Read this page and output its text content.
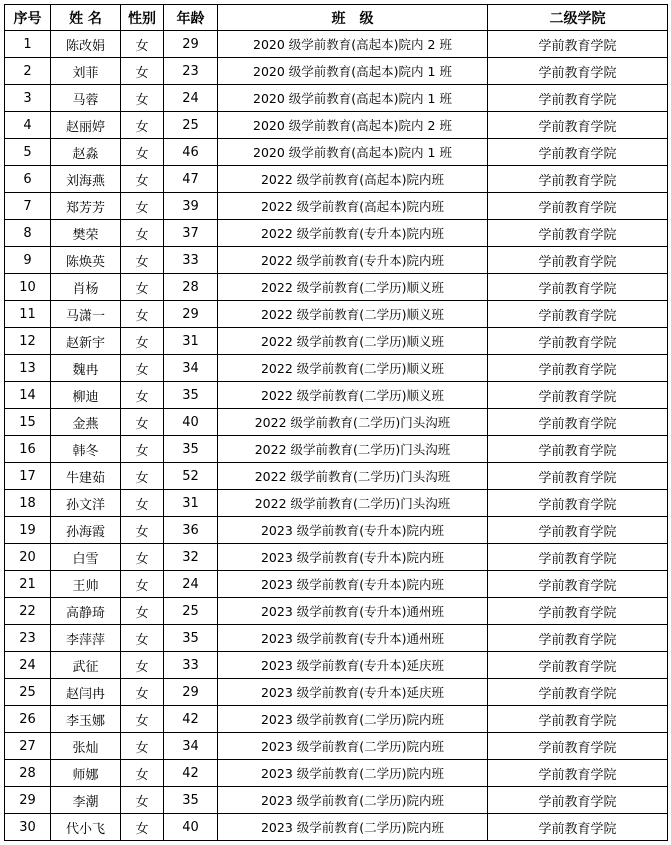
序号	姓 名	性别	年龄	班　级	二级学院
1	陈改娟	女	29	2020 级学前教育(高起本)院内 2 班	学前教育学院
2	刘菲	女	23	2020 级学前教育(高起本)院内 1 班	学前教育学院
3	马蓉	女	24	2020 级学前教育(高起本)院内 1 班	学前教育学院
4	赵丽婷	女	25	2020 级学前教育(高起本)院内 2 班	学前教育学院
5	赵淼	女	46	2020 级学前教育(高起本)院内 1 班	学前教育学院
6	刘海燕	女	47	2022 级学前教育(高起本)院内班	学前教育学院
7	郑芳芳	女	39	2022 级学前教育(高起本)院内班	学前教育学院
8	樊荣	女	37	2022 级学前教育(专升本)院内班	学前教育学院
9	陈焕英	女	33	2022 级学前教育(专升本)院内班	学前教育学院
10	肖杨	女	28	2022 级学前教育(二学历)顺义班	学前教育学院
11	马潇一	女	29	2022 级学前教育(二学历)顺义班	学前教育学院
12	赵新宇	女	31	2022 级学前教育(二学历)顺义班	学前教育学院
13	魏冉	女	34	2022 级学前教育(二学历)顺义班	学前教育学院
14	柳迪	女	35	2022 级学前教育(二学历)顺义班	学前教育学院
15	金燕	女	40	2022 级学前教育(二学历)门头沟班	学前教育学院
16	韩冬	女	35	2022 级学前教育(二学历)门头沟班	学前教育学院
17	牛建茹	女	52	2022 级学前教育(二学历)门头沟班	学前教育学院
18	孙文洋	女	31	2022 级学前教育(二学历)门头沟班	学前教育学院
19	孙海霞	女	36	2023 级学前教育(专升本)院内班	学前教育学院
20	白雪	女	32	2023 级学前教育(专升本)院内班	学前教育学院
21	王帅	女	24	2023 级学前教育(专升本)院内班	学前教育学院
22	高静琦	女	25	2023 级学前教育(专升本)通州班	学前教育学院
23	李萍萍	女	35	2023 级学前教育(专升本)通州班	学前教育学院
24	武征	女	33	2023 级学前教育(专升本)延庆班	学前教育学院
25	赵闫冉	女	29	2023 级学前教育(专升本)延庆班	学前教育学院
26	李玉娜	女	42	2023 级学前教育(二学历)院内班	学前教育学院
27	张灿	女	34	2023 级学前教育(二学历)院内班	学前教育学院
28	师娜	女	42	2023 级学前教育(二学历)院内班	学前教育学院
29	李潮	女	35	2023 级学前教育(二学历)院内班	学前教育学院
30	代小飞	女	40	2023 级学前教育(二学历)院内班	学前教育学院
